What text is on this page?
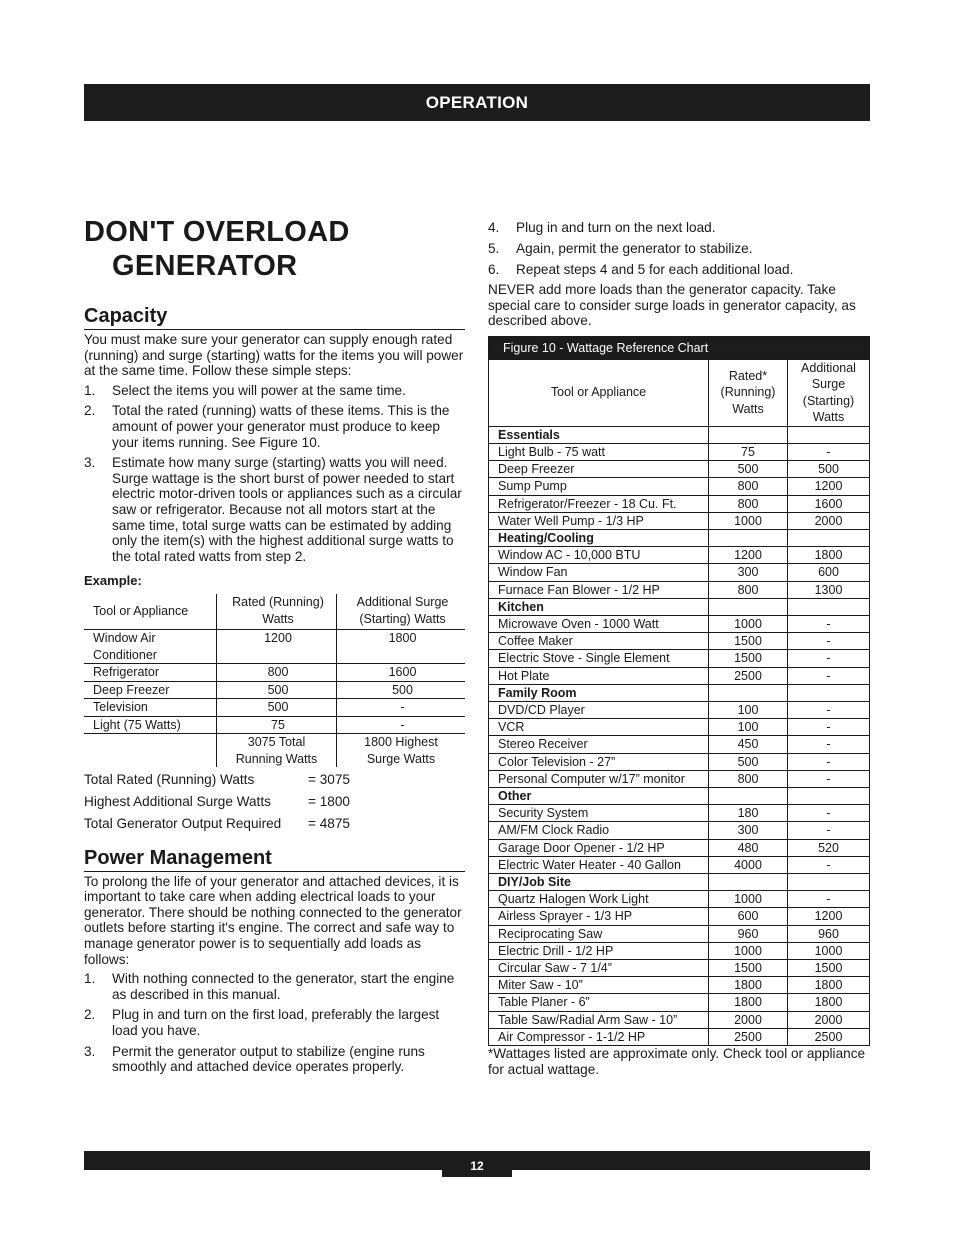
OPERATION
DON'T OVERLOAD
GENERATOR
Capacity

You must make sure your generator can supply enough rated (running) and surge (starting) watts for the items you will power at the same time. Follow these simple steps:

1. Select the items you will power at the same time.
2. Total the rated (running) watts of these items. This is the amount of power your generator must produce to keep your items running. See Figure 10.
3. Estimate how many surge (starting) watts you will need. Surge wattage is the short burst of power needed to start electric motor-driven tools or appliances such as a circular saw or refrigerator. Because not all motors start at the same time, total surge watts can be estimated by adding only the item(s) with the highest additional surge watts to the total rated watts from step 2.
Example:
Tool or Appliance	Rated (Running) Watts	Additional Surge (Starting) Watts
Window Air Conditioner	1200	1800
Refrigerator	800	1600
Deep Freezer	500	500
Television	500	-
Light (75 Watts)	75	-
	3075 Total Running Watts	1800 Highest Surge Watts
Total Rated (Running) Watts	= 3075
Highest Additional Surge Watts	= 1800
Total Generator Output Required = 4875
Power Management

To prolong the life of your generator and attached devices, it is important to take care when adding electrical loads to your generator. There should be nothing connected to the generator outlets before starting it's engine. The correct and safe way to manage generator power is to sequentially add loads as follows:

1. With nothing connected to the generator, start the engine as described in this manual.
2. Plug in and turn on the first load, preferably the largest load you have.
3. Permit the generator output to stabilize (engine runs smoothly and attached device operates properly.
4. Plug in and turn on the next load.
5. Again, permit the generator to stabilize.
6. Repeat steps 4 and 5 for each additional load.

NEVER add more loads than the generator capacity. Take special care to consider surge loads in generator capacity, as described above.

Figure 10 - Wattage Reference Chart		
Tool or Appliance	Rated* (Running) Watts	Additional Surge (Starting) Watts
Essentials		
Light Bulb - 75 watt	75	-
Deep Freezer	500	500
Sump Pump	800	1200
Refrigerator/Freezer - 18 Cu. Ft.	800	1600
Water Well Pump - 1/3 HP	1000	2000
Heating/Cooling		
Window AC - 10,000 BTU	1200	1800
Window Fan	300	600
Furnace Fan Blower - 1/2 HP	800	1300
Kitchen		
Microwave Oven - 1000 Watt	1000	-
Coffee Maker	1500	-
Electric Stove - Single Element	1500	-
Hot Plate	2500	-
Family Room		
DVD/CD Player	100	-
VCR	100	-
Stereo Receiver	450	-
Color Television - 27”	500	-
Personal Computer w/17” monitor	800	-
Other		
Security System	180	-
AM/FM Clock Radio	300	-
Garage Door Opener - 1/2 HP	480	520
Electric Water Heater - 40 Gallon	4000	-
DIY/Job Site		
Quartz Halogen Work Light	1000	-
Airless Sprayer - 1/3 HP	600	1200
Reciprocating Saw	960	960
Electric Drill - 1/2 HP	1000	1000
Circular Saw - 7 1/4”	1500	1500
Miter Saw - 10”	1800	1800
Table Planer - 6”	1800	1800
Table Saw/Radial Arm Saw - 10”	2000	2000
Air Compressor - 1-1/2 HP	2500	2500

*Wattages listed are approximate only. Check tool or appliance for actual wattage.

12
